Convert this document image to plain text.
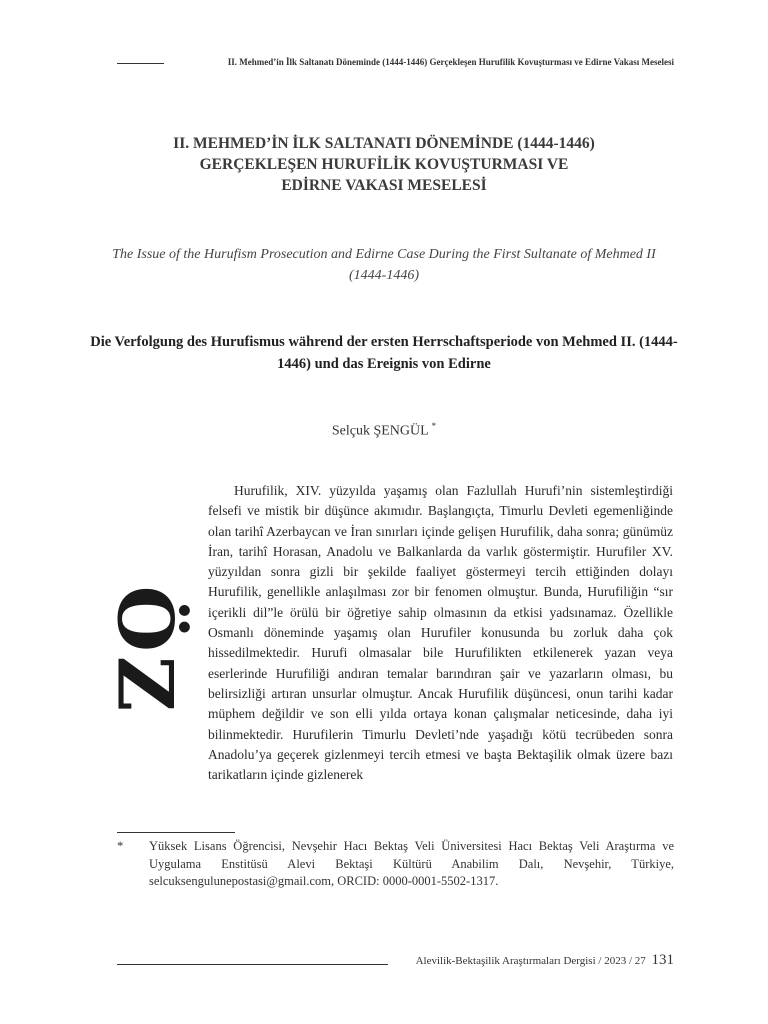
II. Mehmed’in İlk Saltanatı Döneminde (1444-1446) Gerçekleşen Hurufilik Kovuşturması ve Edirne Vakası Meselesi
II. MEHMED’İN İLK SALTANATI DÖNEMİNDE (1444-1446)
GERÇEKLEŞEN HURUFİLİK KOVUŞTURMASI VE
EDİRNE VAKASI MESELESİ
The Issue of the Hurufism Prosecution and Edirne Case During the First Sultanate of Mehmed II (1444-1446)
Die Verfolgung des Hurufismus während der ersten Herrschaftsperiode von Mehmed II. (1444-1446) und das Ereignis von Edirne
Selçuk ŞENGÜL *
ÖZ

Hurufilik, XIV. yüzyılda yaşamış olan Fazlullah Hurufi’nin sistemleştirdiği felsefi ve mistik bir düşünce akımıdır. Başlangıçta, Timurlu Devleti egemenliğinde olan tarihî Azerbaycan ve İran sınırları içinde gelişen Hurufilik, daha sonra; günümüz İran, tarihî Horasan, Anadolu ve Balkanlarda da varlık göstermiştir. Hurufiler XV. yüzyıldan sonra gizli bir şekilde faaliyet göstermeyi tercih ettiğinden dolayı Hurufilik, genellikle anlaşılması zor bir fenomen olmuştur. Bunda, Hurufiliğin “sır içerikli dil”le örülü bir öğretiye sahip olmasının da etkisi yadsınamaz. Özellikle Osmanlı döneminde yaşamış olan Hurufiler konusunda bu zorluk daha çok hissedilmektedir. Hurufi olmasalar bile Hurufilikten etkilenerek yazan veya eserlerinde Hurufiliği andıran temalar barındıran şair ve yazarların olması, bu belirsizliği artıran unsurlar olmuştur. Ancak Hurufilik düşüncesi, onun tarihi kadar müphem değildir ve son elli yılda ortaya konan çalışmalar neticesinde, daha iyi bilinmektedir. Hurufilerin Timurlu Devleti’nde yaşadığı kötü tecrübeden sonra Anadolu’ya geçerek gizlenmeyi tercih etmesi ve başta Bektaşilik olmak üzere bazı tarikatların içinde gizlenerek

* Yüksek Lisans Öğrencisi, Nevşehir Hacı Bektaş Veli Üniversitesi Hacı Bektaş Veli Araştırma ve Uygulama Enstitüsü Alevi Bektaşi Kültürü Anabilim Dalı, Nevşehir, Türkiye, selcuksengulunepostasi@gmail.com, ORCID: 0000-0001-5502-1317.
Alevilik-Bektaşilik Araştırmaları Dergisi / 2023 / 27 131
